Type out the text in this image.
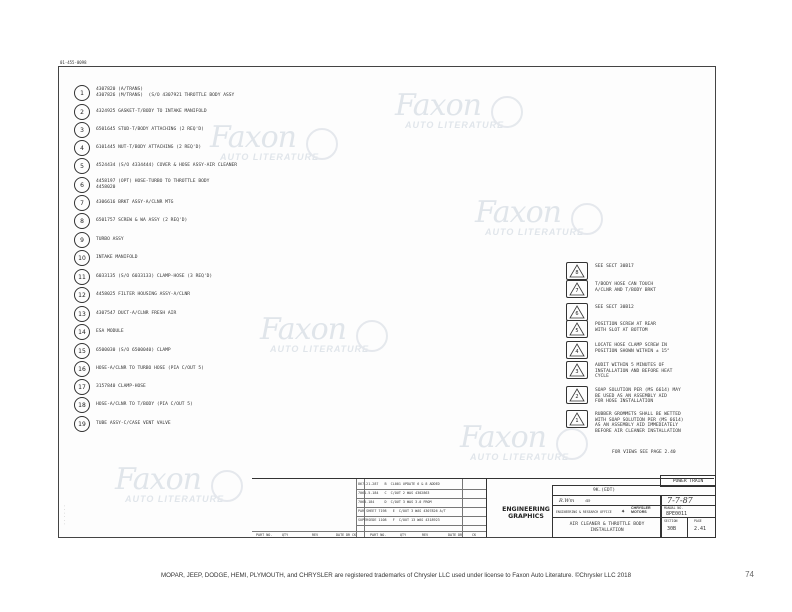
01-455-0098
1	4307820 (A/TRANS)
4307826 (M/TRANS)  (S/O 4307921 THROTTLE BODY ASSY
2	4324925 GASKET-T/BODY TO INTAKE MANIFOLD
3	6501645 STUD-T/BODY ATTACHING (2 REQ'D)
4	6101445 NUT-T/BODY ATTACHING (2 REQ'D)
5	4524434 (S/O 4334444) COVER & HOSE ASSY-AIR CLEANER
6	4458197 (OPT) HOSE-TURBO TO THROTTLE BODY
4458020
7	4306616 BRKT ASSY-A/CLNR MTG
8	6501757 SCREW & WA ASSY (2 REQ'D)
9	TURBO ASSY
10	INTAKE MANIFOLD
11	6033135 (S/O 6033133) CLAMP-HOSE (3 REQ'D)
12	4458025 FILTER HOUSING ASSY-A/CLNR
13	4307547 DUCT-A/CLNR FRESH AIR
14	ESA MODULE
15	6500030 (S/O 6500040) CLAMP
16	HOSE-A/CLNR TO TURBO HOSE (PIA C/OUT 5)
17	3157840 CLAMP-HOSE
18	HOSE-A/CLNR TO T/BODY (PIA C/OUT 5)
19	TUBE ASSY-C/CASE VENT VALVE
8
SEE SECT 30B17
7
T/BODY HOSE CAN TOUCH
A/CLNR AND T/BODY BRKT
6
SEE SECT 30B12
5
POSITION SCREW AT REAR
WITH SLOT AT BOTTOM
4
LOCATE HOSE CLAMP SCREW IN
POSITION SHOWN WITHIN ± 15°
3
AUDIT WITHIN 5 MINUTES OF
INSTALLATION AND BEFORE HEAT
CYCLE
2
SOAP SOLUTION PER (MS 6614) MAY
BE USED AS AN ASSEMBLY AID
FOR HOSE INSTALLATION
1
RUBBER GROMMETS SHALL BE WETTED
WITH SOAP SOLUTION PER (MS 6614)
AS AN ASSEMBLY AID IMMEDIATELY
BEFORE AIR CLEANER INSTALLATION
FOR VIEWS SEE PAGE 2.40
Faxon
AUTO LITERATURE
Faxon
AUTO LITERATURE
Faxon
AUTO LITERATURE
Faxon
AUTO LITERATURE
Faxon
AUTO LITERATURE
Faxon
AUTO LITERATURE
POWER TRAIN
867-21-287   B  CL001 UPDATE 6 & 8 ADDED
7061-5-184   C  C/OUT 2 WAS 4302863
7065-184     D  C/OUT 3 WAS 3.0 FROM
PAR SHEET 7198   E  C/OUT 3 WAS 4307826 A/T
SUPERSEDE 1108   F  C/OUT 13 WAS 4318923
PART NO.	QTY	REV	DATE DR CK	PART NO.	QTY	REV	DATE DR	CK
ENGINEERING
GRAPHICS
9K.(EDT)
R.Wm       ꝏ	7-7-87
ENGINEERING & RESEARCH OFFICE
CHRYSLER
MOTORS
✦	MANUAL NO.
8PE0011
AIR CLEANER & THROTTLE BODY
INSTALLATION
SECTION
30B
PAGE
2.41
· · · · · ·
MOPAR, JEEP, DODGE, HEMI, PLYMOUTH, and CHRYSLER are registered trademarks of Chrysler LLC used under license to Faxon Auto Literature. ©Chrysler LLC 2018	74
